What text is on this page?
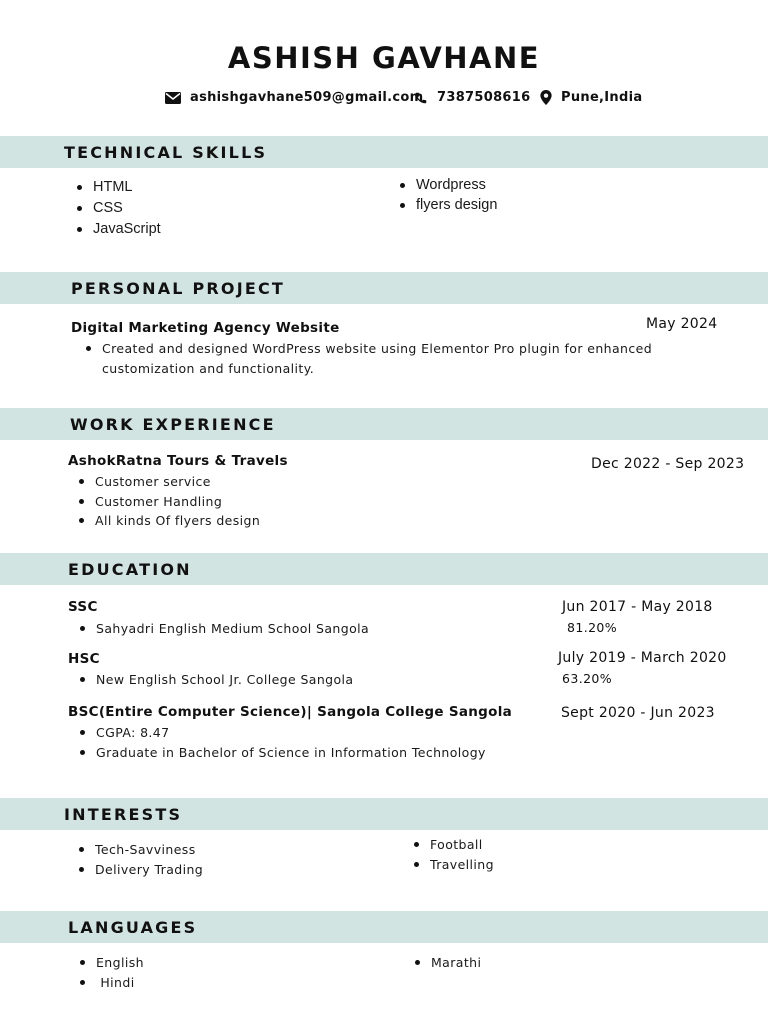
ASHISH GAVHANE
ashishgavhane509@gmail.com 7387508616 Pune,India
TECHNICAL SKILLS
HTML
CSS
JavaScript
Wordpress
flyers design
PERSONAL PROJECT
Digital Marketing Agency Website	May 2024
Created and designed WordPress website using Elementor Pro plugin for enhanced
customization and functionality.
WORK EXPERIENCE
AshokRatna Tours & Travels	Dec 2022 - Sep 2023
Customer service
Customer Handling
All kinds Of flyers design
EDUCATION
SSC	Jun 2017 - May 2018
Sahyadri English Medium School Sangola	81.20%
HSC	July 2019 - March 2020
New English School Jr. College Sangola	63.20%
BSC(Entire Computer Science)| Sangola College Sangola	Sept 2020 - Jun 2023
CGPA: 8.47
Graduate in Bachelor of Science in Information Technology
INTERESTS
Tech-Savviness
Delivery Trading
Football
Travelling
LANGUAGES
English
Hindi
Marathi
